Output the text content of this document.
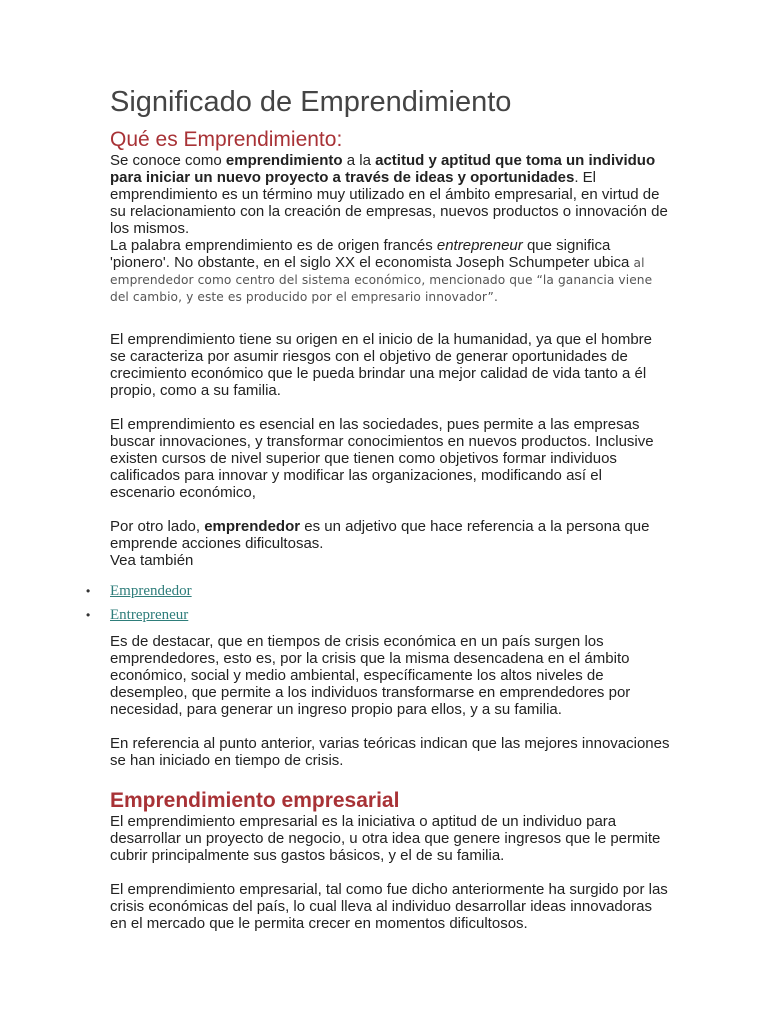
Significado de Emprendimiento
Qué es Emprendimiento:

Se conoce como emprendimiento a la actitud y aptitud que toma un individuo para iniciar un nuevo proyecto a través de ideas y oportunidades. El emprendimiento es un término muy utilizado en el ámbito empresarial, en virtud de su relacionamiento con la creación de empresas, nuevos productos o innovación de los mismos.

La palabra emprendimiento es de origen francés entrepreneur que significa 'pionero'. No obstante, en el siglo XX el economista Joseph Schumpeter ubica al emprendedor como centro del sistema económico, mencionado que “la ganancia viene del cambio, y este es producido por el empresario innovador”.

El emprendimiento tiene su origen en el inicio de la humanidad, ya que el hombre se caracteriza por asumir riesgos con el objetivo de generar oportunidades de crecimiento económico que le pueda brindar una mejor calidad de vida tanto a él propio, como a su familia.

El emprendimiento es esencial en las sociedades, pues permite a las empresas buscar innovaciones, y transformar conocimientos en nuevos productos. Inclusive existen cursos de nivel superior que tienen como objetivos formar individuos calificados para innovar y modificar las organizaciones, modificando así el escenario económico,

Por otro lado, emprendedor es un adjetivo que hace referencia a la persona que emprende acciones dificultosas.
Vea también

• Emprendedor
• Entrepreneur

Es de destacar, que en tiempos de crisis económica en un país surgen los emprendedores, esto es, por la crisis que la misma desencadena en el ámbito económico, social y medio ambiental, específicamente los altos niveles de desempleo, que permite a los individuos transformarse en emprendedores por necesidad, para generar un ingreso propio para ellos, y a su familia.

En referencia al punto anterior, varias teóricas indican que las mejores innovaciones se han iniciado en tiempo de crisis.

Emprendimiento empresarial

El emprendimiento empresarial es la iniciativa o aptitud de un individuo para desarrollar un proyecto de negocio, u otra idea que genere ingresos que le permite cubrir principalmente sus gastos básicos, y el de su familia.

El emprendimiento empresarial, tal como fue dicho anteriormente ha surgido por las crisis económicas del país, lo cual lleva al individuo desarrollar ideas innovadoras en el mercado que le permita crecer en momentos dificultosos.
